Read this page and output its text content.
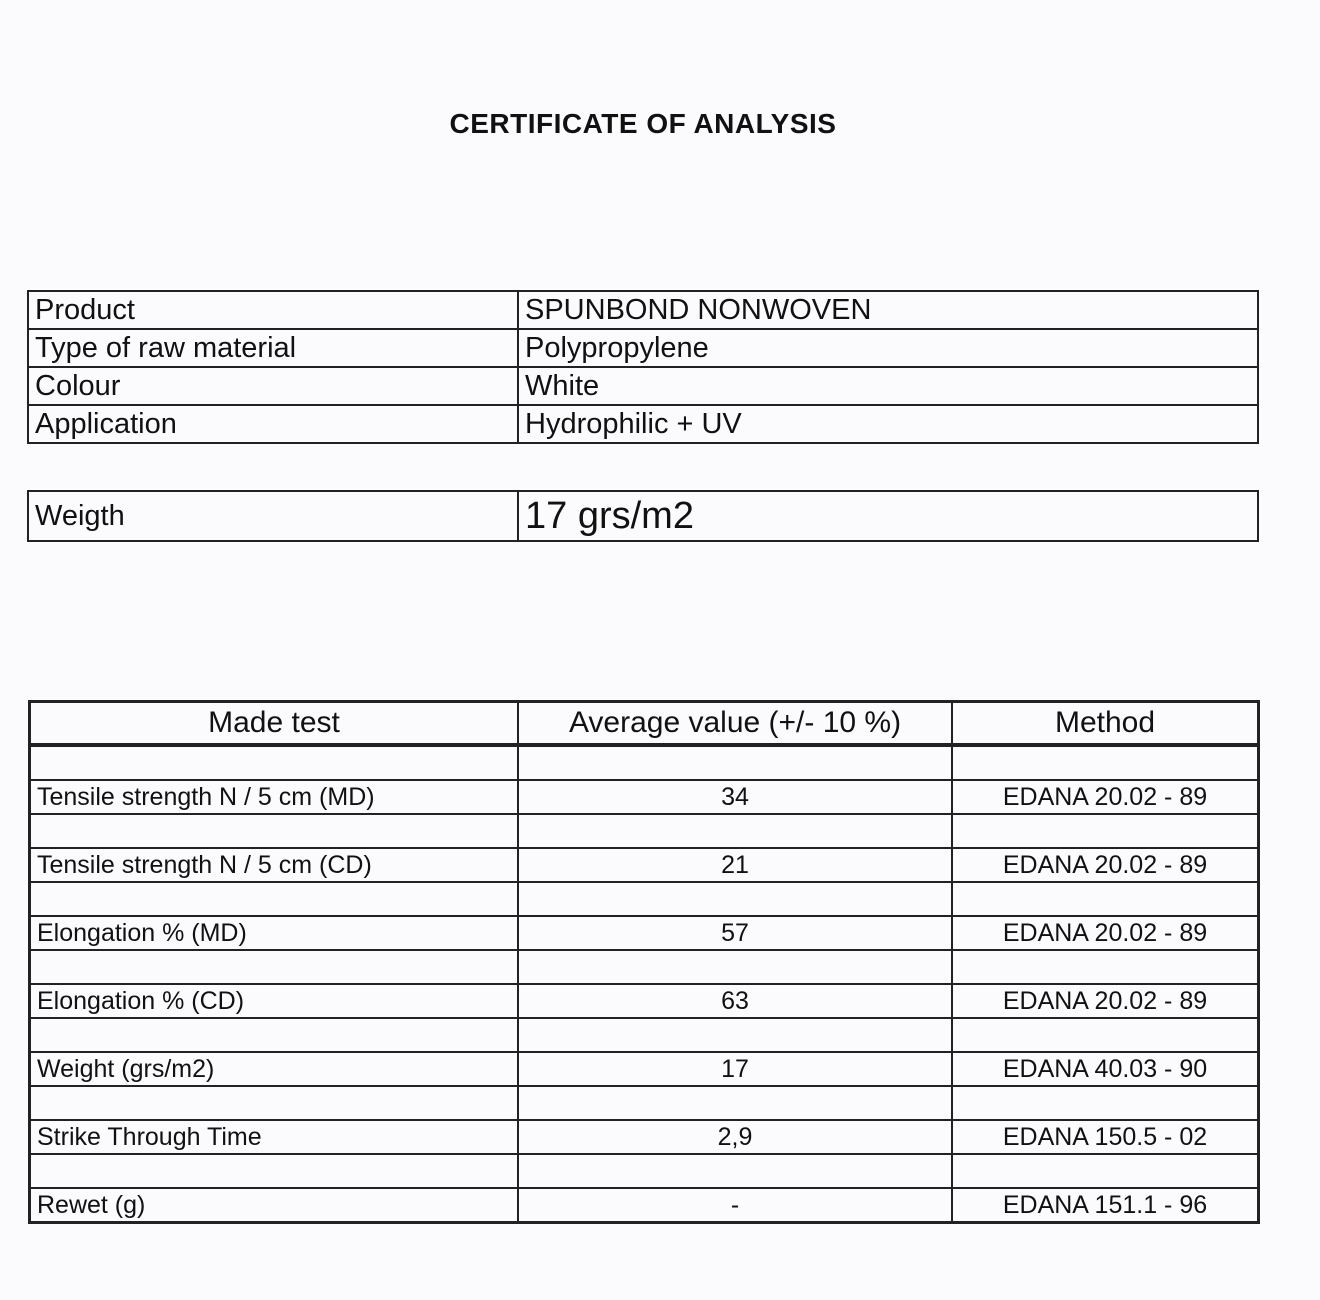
CERTIFICATE OF ANALYSIS
Product	SPUNBOND NONWOVEN
Type of raw material	Polypropylene
Colour	White
Application	Hydrophilic + UV
Weigth	17 grs/m2
Made test	Average value (+/- 10 %)	Method

Tensile strength N / 5 cm (MD)	34	EDANA 20.02 - 89

Tensile strength N / 5 cm (CD)	21	EDANA 20.02 - 89

Elongation % (MD)	57	EDANA 20.02 - 89

Elongation % (CD)	63	EDANA 20.02 - 89

Weight (grs/m2)	17	EDANA 40.03 - 90

Strike Through Time	2,9	EDANA 150.5 - 02

Rewet (g)	-	EDANA 151.1 - 96
